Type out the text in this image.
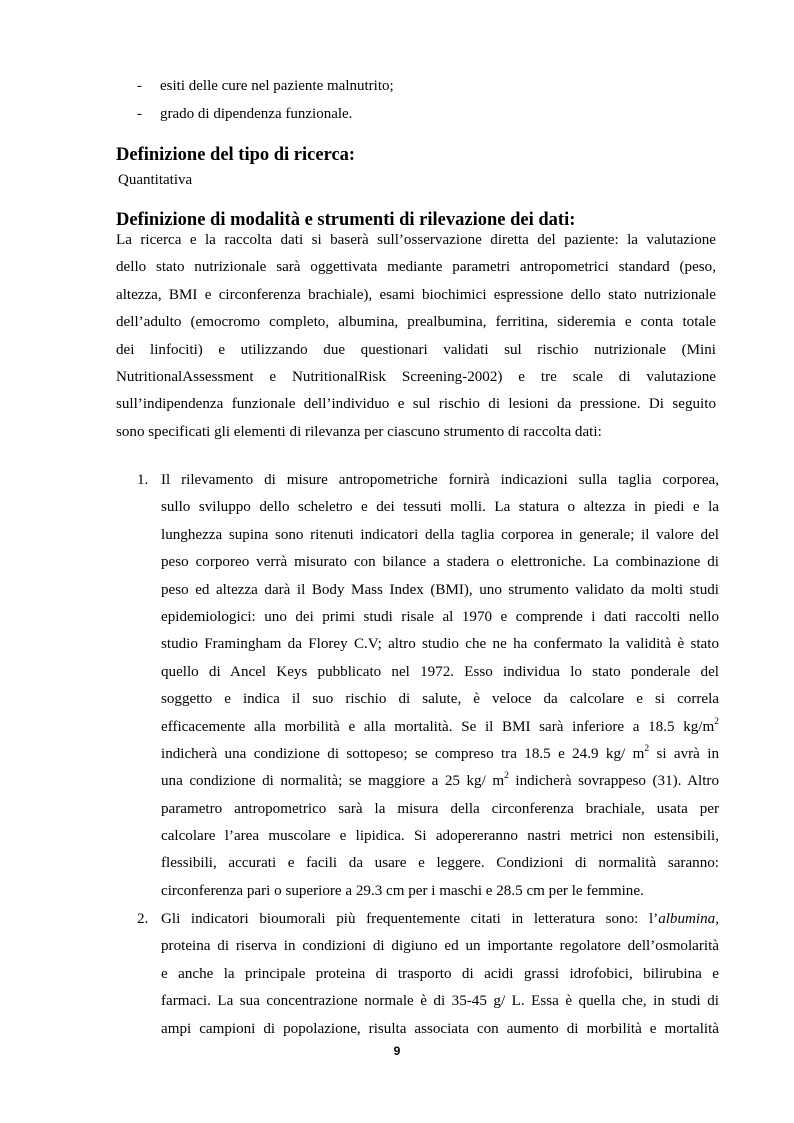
- esiti delle cure nel paziente malnutrito;
- grado di dipendenza funzionale.
Definizione del tipo di ricerca:
Quantitativa
Definizione di modalità e strumenti di rilevazione dei dati:
La ricerca e la raccolta dati si baserà sull’osservazione diretta del paziente: la valutazione
dello stato nutrizionale sarà oggettivata mediante parametri antropometrici standard (peso,
altezza, BMI e circonferenza brachiale), esami biochimici espressione dello stato nutrizionale
dell’adulto (emocromo completo, albumina, prealbumina, ferritina, sideremia e conta totale
dei linfociti) e utilizzando due questionari validati sul rischio nutrizionale (Mini
NutritionalAssessment e NutritionalRisk Screening-2002) e tre scale di valutazione
sull’indipendenza funzionale dell’individuo e sul rischio di lesioni da pressione. Di seguito
sono specificati gli elementi di rilevanza per ciascuno strumento di raccolta dati:
1. Il rilevamento di misure antropometriche fornirà indicazioni sulla taglia corporea,
sullo sviluppo dello scheletro e dei tessuti molli. La statura o altezza in piedi e la
lunghezza supina sono ritenuti indicatori della taglia corporea in generale; il valore del
peso corporeo verrà misurato con bilance a stadera o elettroniche. La combinazione di
peso ed altezza darà il Body Mass Index (BMI), uno strumento validato da molti studi
epidemiologici: uno dei primi studi risale al 1970 e comprende i dati raccolti nello
studio Framingham da Florey C.V; altro studio che ne ha confermato la validità è stato
quello di Ancel Keys pubblicato nel 1972. Esso individua lo stato ponderale del
soggetto e indica il suo rischio di salute, è veloce da calcolare e si correla
efficacemente alla morbilità e alla mortalità. Se il BMI sarà inferiore a 18.5 $kg/m^2$
indicherà una condizione di sottopeso; se compreso tra 18.5 e 24.9 kg/ $m^2$ si avrà in
una condizione di normalità; se maggiore a 25 kg/ $m^2$ indicherà sovrappeso (31). Altro
parametro antropometrico sarà la misura della circonferenza brachiale, usata per
calcolare l’area muscolare e lipidica. Si adopereranno nastri metrici non estensibili,
flessibili, accurati e facili da usare e leggere. Condizioni di normalità saranno:
circonferenza pari o superiore a 29.3 cm per i maschi e 28.5 cm per le femmine.
2. Gli indicatori bioumorali più frequentemente citati in letteratura sono: l’albumina,
proteina di riserva in condizioni di digiuno ed un importante regolatore dell’osmolarità
e anche la principale proteina di trasporto di acidi grassi idrofobici, bilirubina e
farmaci. La sua concentrazione normale è di 35-45 g/ L. Essa è quella che, in studi di
ampi campioni di popolazione, risulta associata con aumento di morbilità e mortalità
9
